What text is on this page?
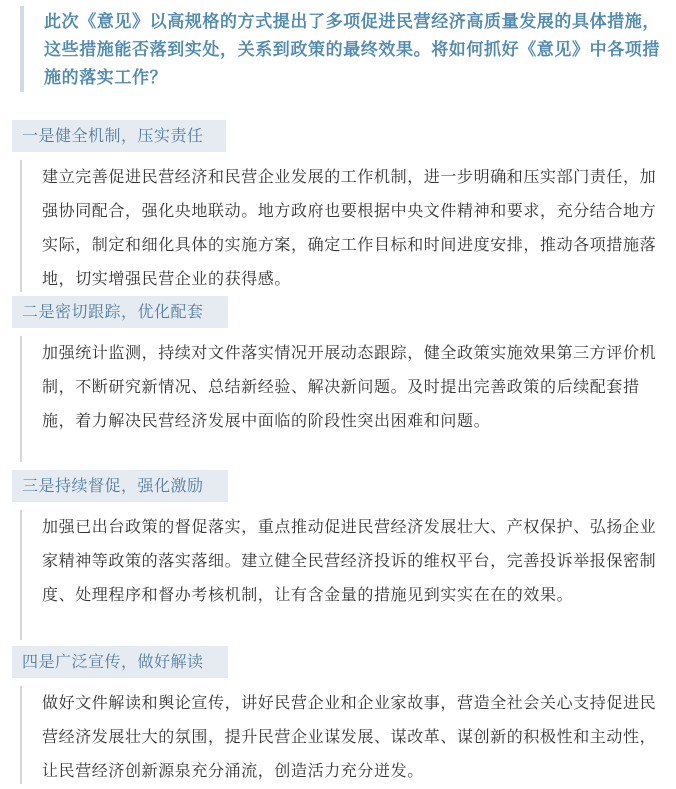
此次《意见》以高规格的方式提出了多项促进民营经济高质量发展的具体措施，这些措施能否落到实处，关系到政策的最终效果。将如何抓好《意见》中各项措施的落实工作？
一是健全机制，压实责任
建立完善促进民营经济和民营企业发展的工作机制，进一步明确和压实部门责任，加强协同配合，强化央地联动。地方政府也要根据中央文件精神和要求，充分结合地方实际，制定和细化具体的实施方案，确定工作目标和时间进度安排，推动各项措施落地，切实增强民营企业的获得感。
二是密切跟踪，优化配套
加强统计监测，持续对文件落实情况开展动态跟踪，健全政策实施效果第三方评价机制，不断研究新情况、总结新经验、解决新问题。及时提出完善政策的后续配套措施，着力解决民营经济发展中面临的阶段性突出困难和问题。
三是持续督促，强化激励
加强已出台政策的督促落实，重点推动促进民营经济发展壮大、产权保护、弘扬企业家精神等政策的落实落细。建立健全民营经济投诉的维权平台，完善投诉举报保密制度、处理程序和督办考核机制，让有含金量的措施见到实实在在的效果。
四是广泛宣传，做好解读
做好文件解读和舆论宣传，讲好民营企业和企业家故事，营造全社会关心支持促进民营经济发展壮大的氛围，提升民营企业谋发展、谋改革、谋创新的积极性和主动性，让民营经济创新源泉充分涌流，创造活力充分迸发。
